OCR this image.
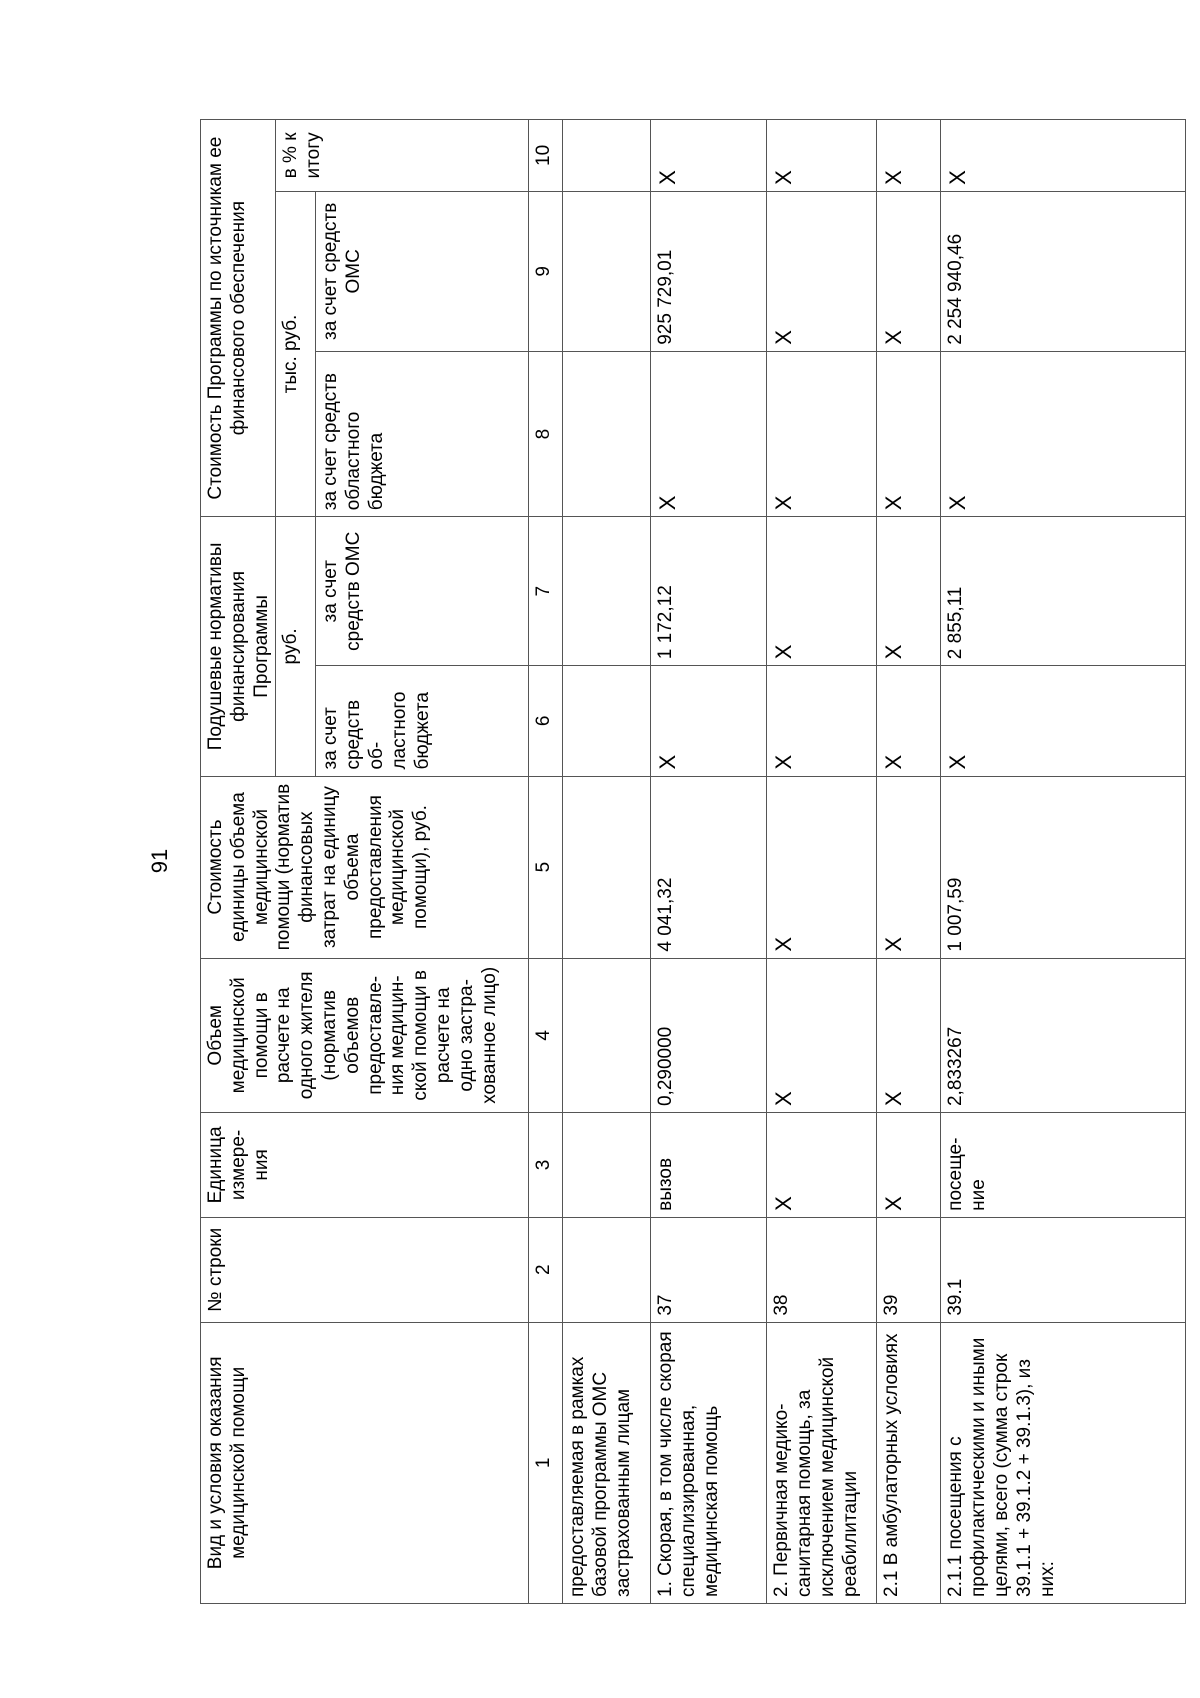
91
Вид и условия оказания медицинской помощи	№ строки	Единица измере-ния	Объем медицинской помощи в расчете на одного жителя (норматив объемов предоставле-ния медицин-ской помощи в расчете на одно застра-хованное лицо)	Стоимость единицы объема медицинской помощи (норматив финансовых затрат на единицу объема предоставления медицинской помощи), руб.	Подушевые нормативы финансирования Программы		Стоимость Программы по источникам ее финансового обеспечения		
					руб.		тыс. руб.		в % к итогу
					за счет средств об-ластного бюджета	за счет средств ОМС	за счет средств областного бюджета	за счет средств ОМС	
1	2	3	4	5	6	7	8	9	10
предоставляемая в рамках базовой программы ОМС застрахованным лицам									
1. Скорая, в том числе скорая специализированная, медицинская помощь	37	вызов	0,290000	4 041,32	Х	1 172,12	Х	925 729,01	Х
2. Первичная медико-санитарная помощь, за исключением медицинской реабилитации	38	Х	Х	Х	Х	Х	Х	Х	Х
2.1 В амбулаторных условиях	39	Х	Х	Х	Х	Х	Х	Х	Х
2.1.1 посещения с профилактическими и иными целями, всего (сумма строк 39.1.1 + 39.1.2 + 39.1.3), из них:	39.1	посеще-ние	2,833267	1 007,59	Х	2 855,11	Х	2 254 940,46	Х
